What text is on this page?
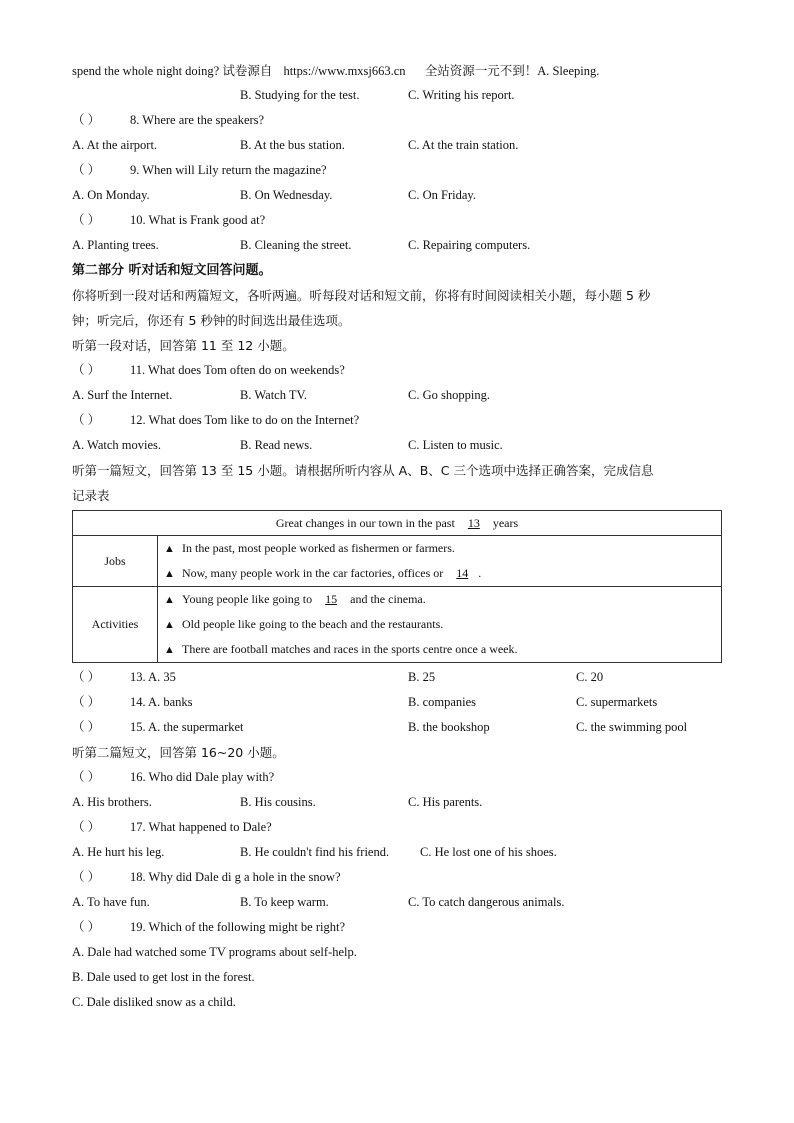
spend the whole night doing? 试卷源自 https://www.mxsj663.cn 全站资源一元不到！A. Sleeping.
B. Studying for the test.	C. Writing his report.
（ ） 8. Where are the speakers?
A. At the airport.	B. At the bus station.	C. At the train station.
（ ） 9. When will Lily return the magazine?
A. On Monday.	B. On Wednesday.	C. On Friday.
（ ） 10. What is Frank good at?
A. Planting trees.	B. Cleaning the street.	C. Repairing computers.
第二部分 听对话和短文回答问题。
你将听到一段对话和两篇短文，各听两遍。听每段对话和短文前，你将有时间阅读相关小题，每小题 5 秒
钟；听完后，你还有 5 秒钟的时间选出最佳选项。
听第一段对话，回答第 11 至 12 小题。
（ ） 11. What does Tom often do on weekends?
A. Surf the Internet.	B. Watch TV.	C. Go shopping.
（ ） 12. What does Tom like to do on the Internet?
A. Watch movies.	B. Read news.	C. Listen to music.
听第一篇短文，回答第 13 至 15 小题。请根据所听内容从 A、B、C 三个选项中选择正确答案，完成信息
记录表
Great changes in our town in the past 13 years	
Jobs	▲ In the past, most people worked as fishermen or farmers.
▲ Now, many people work in the car factories, offices or 14 .

Activities	▲ Young people like going to 15 and the cinema.
▲ Old people like going to the beach and the restaurants.
▲ There are football matches and races in the sports centre once a week.
（ ） 13. A. 35	B. 25	C. 20
（ ） 14. A. banks	B. companies	C. supermarkets
（ ） 15. A. the supermarket	B. the bookshop	C. the swimming pool
听第二篇短文，回答第 16~20 小题。
（ ） 16. Who did Dale play with?
A. His brothers.	B. His cousins.	C. His parents.
（ ） 17. What happened to Dale?
A. He hurt his leg.	B. He couldn't find his friend. C. He lost one of his shoes.
（ ） 18. Why did Dale di g a hole in the snow?
A. To have fun.	B. To keep warm.	C. To catch dangerous animals.
（ ） 19. Which of the following might be right?
A. Dale had watched some TV programs about self-help.
B. Dale used to get lost in the forest.
C. Dale disliked snow as a child.
